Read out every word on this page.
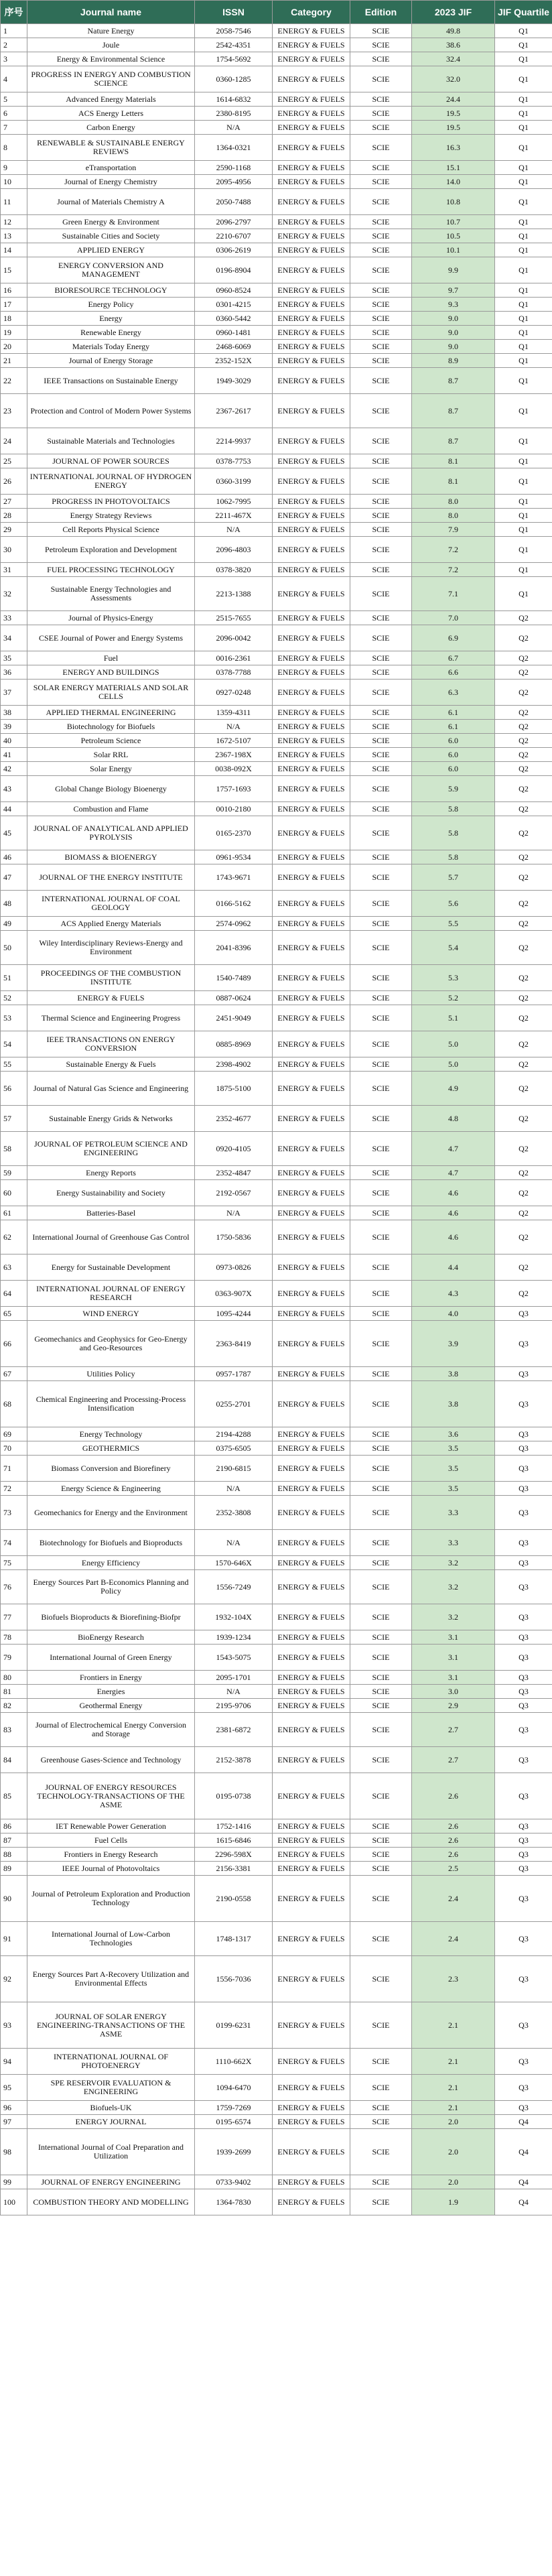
序号	Journal name	ISSN	Category	Edition	2023 JIF	JIF Quartile
1	Nature Energy	2058-7546	ENERGY & FUELS	SCIE	49.8	Q1
2	Joule	2542-4351	ENERGY & FUELS	SCIE	38.6	Q1
3	Energy & Environmental Science	1754-5692	ENERGY & FUELS	SCIE	32.4	Q1
4	PROGRESS IN ENERGY AND COMBUSTION SCIENCE	0360-1285	ENERGY & FUELS	SCIE	32.0	Q1
5	Advanced Energy Materials	1614-6832	ENERGY & FUELS	SCIE	24.4	Q1
6	ACS Energy Letters	2380-8195	ENERGY & FUELS	SCIE	19.5	Q1
7	Carbon Energy	N/A	ENERGY & FUELS	SCIE	19.5	Q1
8	RENEWABLE & SUSTAINABLE ENERGY REVIEWS	1364-0321	ENERGY & FUELS	SCIE	16.3	Q1
9	eTransportation	2590-1168	ENERGY & FUELS	SCIE	15.1	Q1
10	Journal of Energy Chemistry	2095-4956	ENERGY & FUELS	SCIE	14.0	Q1
11	Journal of Materials Chemistry A	2050-7488	ENERGY & FUELS	SCIE	10.8	Q1
12	Green Energy & Environment	2096-2797	ENERGY & FUELS	SCIE	10.7	Q1
13	Sustainable Cities and Society	2210-6707	ENERGY & FUELS	SCIE	10.5	Q1
14	APPLIED ENERGY	0306-2619	ENERGY & FUELS	SCIE	10.1	Q1
15	ENERGY CONVERSION AND MANAGEMENT	0196-8904	ENERGY & FUELS	SCIE	9.9	Q1
16	BIORESOURCE TECHNOLOGY	0960-8524	ENERGY & FUELS	SCIE	9.7	Q1
17	Energy Policy	0301-4215	ENERGY & FUELS	SCIE	9.3	Q1
18	Energy	0360-5442	ENERGY & FUELS	SCIE	9.0	Q1
19	Renewable Energy	0960-1481	ENERGY & FUELS	SCIE	9.0	Q1
20	Materials Today Energy	2468-6069	ENERGY & FUELS	SCIE	9.0	Q1
21	Journal of Energy Storage	2352-152X	ENERGY & FUELS	SCIE	8.9	Q1
22	IEEE Transactions on Sustainable Energy	1949-3029	ENERGY & FUELS	SCIE	8.7	Q1
23	Protection and Control of Modern Power Systems	2367-2617	ENERGY & FUELS	SCIE	8.7	Q1
24	Sustainable Materials and Technologies	2214-9937	ENERGY & FUELS	SCIE	8.7	Q1
25	JOURNAL OF POWER SOURCES	0378-7753	ENERGY & FUELS	SCIE	8.1	Q1
26	INTERNATIONAL JOURNAL OF HYDROGEN ENERGY	0360-3199	ENERGY & FUELS	SCIE	8.1	Q1
27	PROGRESS IN PHOTOVOLTAICS	1062-7995	ENERGY & FUELS	SCIE	8.0	Q1
28	Energy Strategy Reviews	2211-467X	ENERGY & FUELS	SCIE	8.0	Q1
29	Cell Reports Physical Science	N/A	ENERGY & FUELS	SCIE	7.9	Q1
30	Petroleum Exploration and Development	2096-4803	ENERGY & FUELS	SCIE	7.2	Q1
31	FUEL PROCESSING TECHNOLOGY	0378-3820	ENERGY & FUELS	SCIE	7.2	Q1
32	Sustainable Energy Technologies and Assessments	2213-1388	ENERGY & FUELS	SCIE	7.1	Q1
33	Journal of Physics-Energy	2515-7655	ENERGY & FUELS	SCIE	7.0	Q2
34	CSEE Journal of Power and Energy Systems	2096-0042	ENERGY & FUELS	SCIE	6.9	Q2
35	Fuel	0016-2361	ENERGY & FUELS	SCIE	6.7	Q2
36	ENERGY AND BUILDINGS	0378-7788	ENERGY & FUELS	SCIE	6.6	Q2
37	SOLAR ENERGY MATERIALS AND SOLAR CELLS	0927-0248	ENERGY & FUELS	SCIE	6.3	Q2
38	APPLIED THERMAL ENGINEERING	1359-4311	ENERGY & FUELS	SCIE	6.1	Q2
39	Biotechnology for Biofuels	N/A	ENERGY & FUELS	SCIE	6.1	Q2
40	Petroleum Science	1672-5107	ENERGY & FUELS	SCIE	6.0	Q2
41	Solar RRL	2367-198X	ENERGY & FUELS	SCIE	6.0	Q2
42	Solar Energy	0038-092X	ENERGY & FUELS	SCIE	6.0	Q2
43	Global Change Biology Bioenergy	1757-1693	ENERGY & FUELS	SCIE	5.9	Q2
44	Combustion and Flame	0010-2180	ENERGY & FUELS	SCIE	5.8	Q2
45	JOURNAL OF ANALYTICAL AND APPLIED PYROLYSIS	0165-2370	ENERGY & FUELS	SCIE	5.8	Q2
46	BIOMASS & BIOENERGY	0961-9534	ENERGY & FUELS	SCIE	5.8	Q2
47	JOURNAL OF THE ENERGY INSTITUTE	1743-9671	ENERGY & FUELS	SCIE	5.7	Q2
48	INTERNATIONAL JOURNAL OF COAL GEOLOGY	0166-5162	ENERGY & FUELS	SCIE	5.6	Q2
49	ACS Applied Energy Materials	2574-0962	ENERGY & FUELS	SCIE	5.5	Q2
50	Wiley Interdisciplinary Reviews-Energy and Environment	2041-8396	ENERGY & FUELS	SCIE	5.4	Q2
51	PROCEEDINGS OF THE COMBUSTION INSTITUTE	1540-7489	ENERGY & FUELS	SCIE	5.3	Q2
52	ENERGY & FUELS	0887-0624	ENERGY & FUELS	SCIE	5.2	Q2
53	Thermal Science and Engineering Progress	2451-9049	ENERGY & FUELS	SCIE	5.1	Q2
54	IEEE TRANSACTIONS ON ENERGY CONVERSION	0885-8969	ENERGY & FUELS	SCIE	5.0	Q2
55	Sustainable Energy & Fuels	2398-4902	ENERGY & FUELS	SCIE	5.0	Q2
56	Journal of Natural Gas Science and Engineering	1875-5100	ENERGY & FUELS	SCIE	4.9	Q2
57	Sustainable Energy Grids & Networks	2352-4677	ENERGY & FUELS	SCIE	4.8	Q2
58	JOURNAL OF PETROLEUM SCIENCE AND ENGINEERING	0920-4105	ENERGY & FUELS	SCIE	4.7	Q2
59	Energy Reports	2352-4847	ENERGY & FUELS	SCIE	4.7	Q2
60	Energy Sustainability and Society	2192-0567	ENERGY & FUELS	SCIE	4.6	Q2
61	Batteries-Basel	N/A	ENERGY & FUELS	SCIE	4.6	Q2
62	International Journal of Greenhouse Gas Control	1750-5836	ENERGY & FUELS	SCIE	4.6	Q2
63	Energy for Sustainable Development	0973-0826	ENERGY & FUELS	SCIE	4.4	Q2
64	INTERNATIONAL JOURNAL OF ENERGY RESEARCH	0363-907X	ENERGY & FUELS	SCIE	4.3	Q2
65	WIND ENERGY	1095-4244	ENERGY & FUELS	SCIE	4.0	Q3
66	Geomechanics and Geophysics for Geo-Energy and Geo-Resources	2363-8419	ENERGY & FUELS	SCIE	3.9	Q3
67	Utilities Policy	0957-1787	ENERGY & FUELS	SCIE	3.8	Q3
68	Chemical Engineering and Processing-Process Intensification	0255-2701	ENERGY & FUELS	SCIE	3.8	Q3
69	Energy Technology	2194-4288	ENERGY & FUELS	SCIE	3.6	Q3
70	GEOTHERMICS	0375-6505	ENERGY & FUELS	SCIE	3.5	Q3
71	Biomass Conversion and Biorefinery	2190-6815	ENERGY & FUELS	SCIE	3.5	Q3
72	Energy Science & Engineering	N/A	ENERGY & FUELS	SCIE	3.5	Q3
73	Geomechanics for Energy and the Environment	2352-3808	ENERGY & FUELS	SCIE	3.3	Q3
74	Biotechnology for Biofuels and Bioproducts	N/A	ENERGY & FUELS	SCIE	3.3	Q3
75	Energy Efficiency	1570-646X	ENERGY & FUELS	SCIE	3.2	Q3
76	Energy Sources Part B-Economics Planning and Policy	1556-7249	ENERGY & FUELS	SCIE	3.2	Q3
77	Biofuels Bioproducts & Biorefining-Biofpr	1932-104X	ENERGY & FUELS	SCIE	3.2	Q3
78	BioEnergy Research	1939-1234	ENERGY & FUELS	SCIE	3.1	Q3
79	International Journal of Green Energy	1543-5075	ENERGY & FUELS	SCIE	3.1	Q3
80	Frontiers in Energy	2095-1701	ENERGY & FUELS	SCIE	3.1	Q3
81	Energies	N/A	ENERGY & FUELS	SCIE	3.0	Q3
82	Geothermal Energy	2195-9706	ENERGY & FUELS	SCIE	2.9	Q3
83	Journal of Electrochemical Energy Conversion and Storage	2381-6872	ENERGY & FUELS	SCIE	2.7	Q3
84	Greenhouse Gases-Science and Technology	2152-3878	ENERGY & FUELS	SCIE	2.7	Q3
85	JOURNAL OF ENERGY RESOURCES TECHNOLOGY-TRANSACTIONS OF THE ASME	0195-0738	ENERGY & FUELS	SCIE	2.6	Q3
86	IET Renewable Power Generation	1752-1416	ENERGY & FUELS	SCIE	2.6	Q3
87	Fuel Cells	1615-6846	ENERGY & FUELS	SCIE	2.6	Q3
88	Frontiers in Energy Research	2296-598X	ENERGY & FUELS	SCIE	2.6	Q3
89	IEEE Journal of Photovoltaics	2156-3381	ENERGY & FUELS	SCIE	2.5	Q3
90	Journal of Petroleum Exploration and Production Technology	2190-0558	ENERGY & FUELS	SCIE	2.4	Q3
91	International Journal of Low-Carbon Technologies	1748-1317	ENERGY & FUELS	SCIE	2.4	Q3
92	Energy Sources Part A-Recovery Utilization and Environmental Effects	1556-7036	ENERGY & FUELS	SCIE	2.3	Q3
93	JOURNAL OF SOLAR ENERGY ENGINEERING-TRANSACTIONS OF THE ASME	0199-6231	ENERGY & FUELS	SCIE	2.1	Q3
94	INTERNATIONAL JOURNAL OF PHOTOENERGY	1110-662X	ENERGY & FUELS	SCIE	2.1	Q3
95	SPE RESERVOIR EVALUATION & ENGINEERING	1094-6470	ENERGY & FUELS	SCIE	2.1	Q3
96	Biofuels-UK	1759-7269	ENERGY & FUELS	SCIE	2.1	Q3
97	ENERGY JOURNAL	0195-6574	ENERGY & FUELS	SCIE	2.0	Q4
98	International Journal of Coal Preparation and Utilization	1939-2699	ENERGY & FUELS	SCIE	2.0	Q4
99	JOURNAL OF ENERGY ENGINEERING	0733-9402	ENERGY & FUELS	SCIE	2.0	Q4
100	COMBUSTION THEORY AND MODELLING	1364-7830	ENERGY & FUELS	SCIE	1.9	Q4
